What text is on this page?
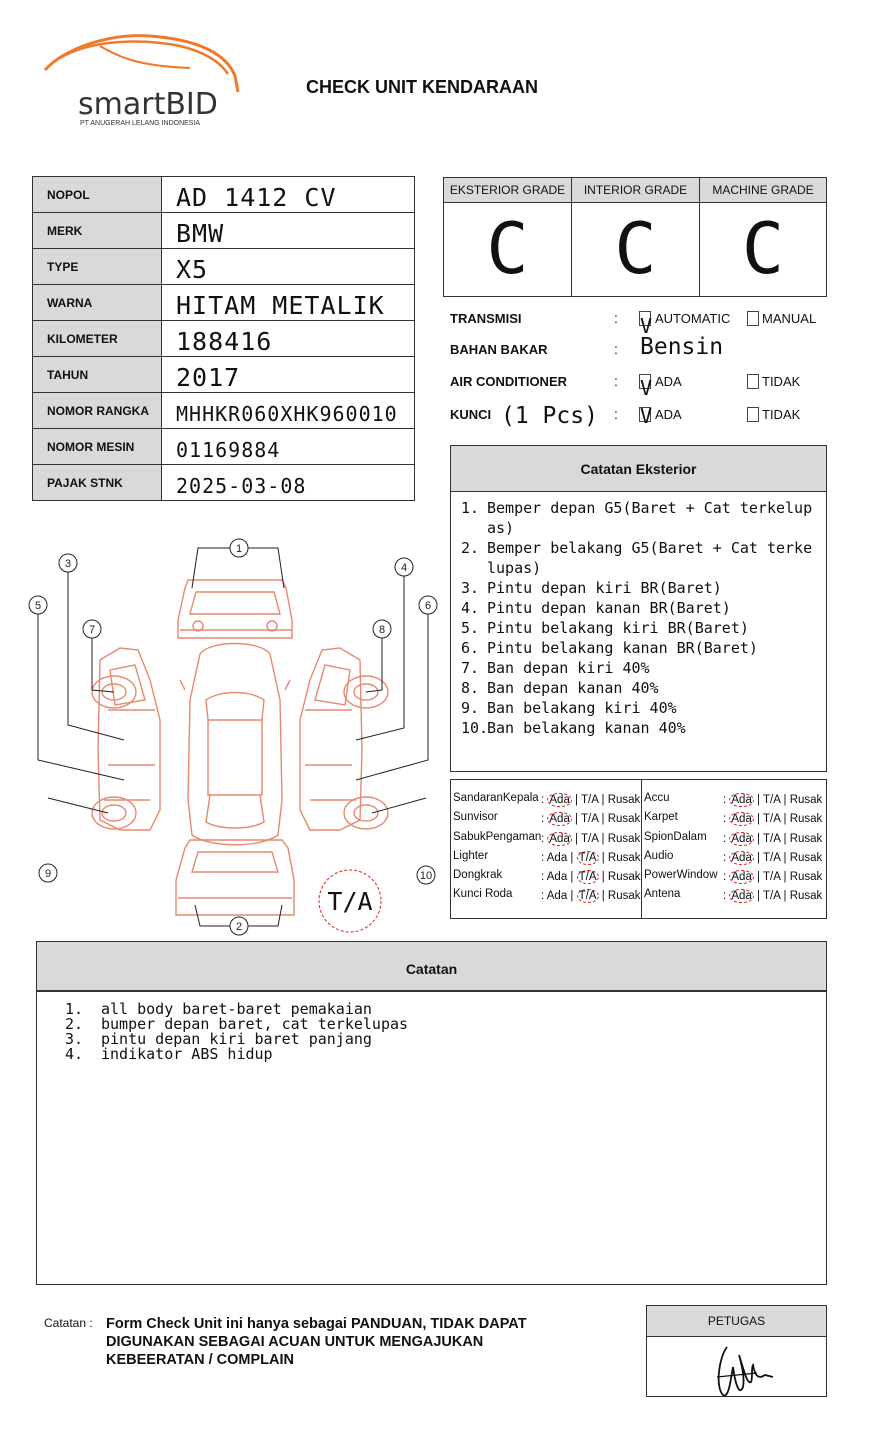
smartBID
PT ANUGERAH LELANG INDONESIA
CHECK UNIT KENDARAAN
NOPOL	AD 1412 CV
MERK	BMW
TYPE	X5
WARNA	HITAM METALIK
KILOMETER	188416
TAHUN	2017
NOMOR RANGKA	MHHKR060XHK960010
NOMOR MESIN	01169884
PAJAK STNK	2025-03-08
EKSTERIOR GRADE
C
INTERIOR GRADE
C
MACHINE GRADE
C
TRANSMISI	: V AUTOMATIC MANUAL
BAHAN BAKAR	: Bensin
AIR CONDITIONER	: V ADA	TIDAK
KUNCI (1 Pcs) : V ADA	TIDAK
Catatan Eksterior
1. Bemper depan G5(Baret + Cat terkelup as)
2. Bemper belakang G5(Baret + Cat terke lupas)
3. Pintu depan kiri BR(Baret)
4. Pintu depan kanan BR(Baret)
5. Pintu belakang kiri BR(Baret)
6. Pintu belakang kanan BR(Baret)
7. Ban depan kiri 40%
8. Ban depan kanan 40%
9. Ban belakang kiri 40%
10.
Ban belakang kanan 40%
SandaranKepala : Ada | T/A | Rusak
Sunvisor	: Ada | T/A | Rusak
SabukPengaman : Ada | T/A | Rusak
Lighter	: Ada | T/A | Rusak
Dongkrak	: Ada | T/A | Rusak
Kunci Roda : Ada | T/A | Rusak
Accu	: Ada | T/A | Rusak
Karpet	: Ada | T/A | Rusak
SpionDalam : Ada | T/A | Rusak
Audio	: Ada | T/A | Rusak
PowerWindow : Ada | T/A | Rusak
Antena	: Ada | T/A | Rusak
1
2
3	4
5	6
7	8
9	10
T/A
Catatan
1.	all body baret-baret pemakaian
2.	bumper depan baret, cat terkelupas
3.	pintu depan kiri baret panjang
4.	indikator ABS hidup
Catatan : Form Check Unit ini hanya sebagai PANDUAN, TIDAK DAPAT DIGUNAKAN SEBAGAI ACUAN UNTUK MENGAJUKAN KEBEERATAN / COMPLAIN
PETUGAS
